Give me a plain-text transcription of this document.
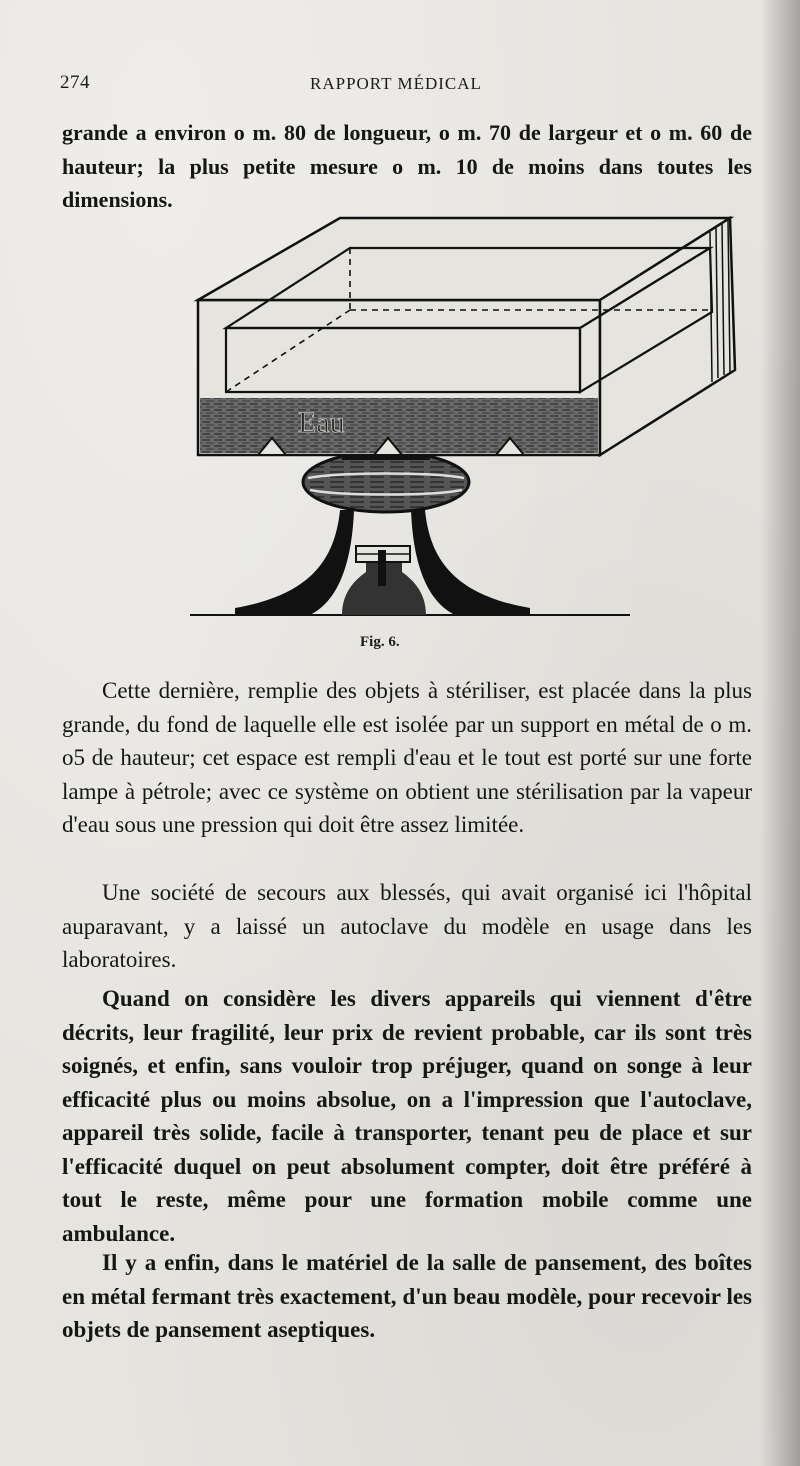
274	RAPPORT MÉDICAL
grande a environ o m. 80 de longueur, o m. 70 de largeur et o m. 60 de hauteur; la plus petite mesure o m. 10 de moins dans toutes les dimensions.
Eau
Fig. 6.
Cette dernière, remplie des objets à stériliser, est placée dans la plus grande, du fond de laquelle elle est isolée par un support en métal de o m. o5 de hauteur; cet espace est rempli d'eau et le tout est porté sur une forte lampe à pétrole; avec ce système on obtient une stérilisation par la vapeur d'eau sous une pression qui doit être assez limitée.
Une société de secours aux blessés, qui avait organisé ici l'hôpital auparavant, y a laissé un autoclave du modèle en usage dans les laboratoires.
Quand on considère les divers appareils qui viennent d'être décrits, leur fragilité, leur prix de revient probable, car ils sont très soignés, et enfin, sans vouloir trop préjuger, quand on songe à leur efficacité plus ou moins absolue, on a l'impression que l'autoclave, appareil très solide, facile à transporter, tenant peu de place et sur l'efficacité duquel on peut absolument compter, doit être préféré à tout le reste, même pour une formation mobile comme une ambulance.
Il y a enfin, dans le matériel de la salle de pansement, des boîtes en métal fermant très exactement, d'un beau modèle, pour recevoir les objets de pansement aseptiques.
